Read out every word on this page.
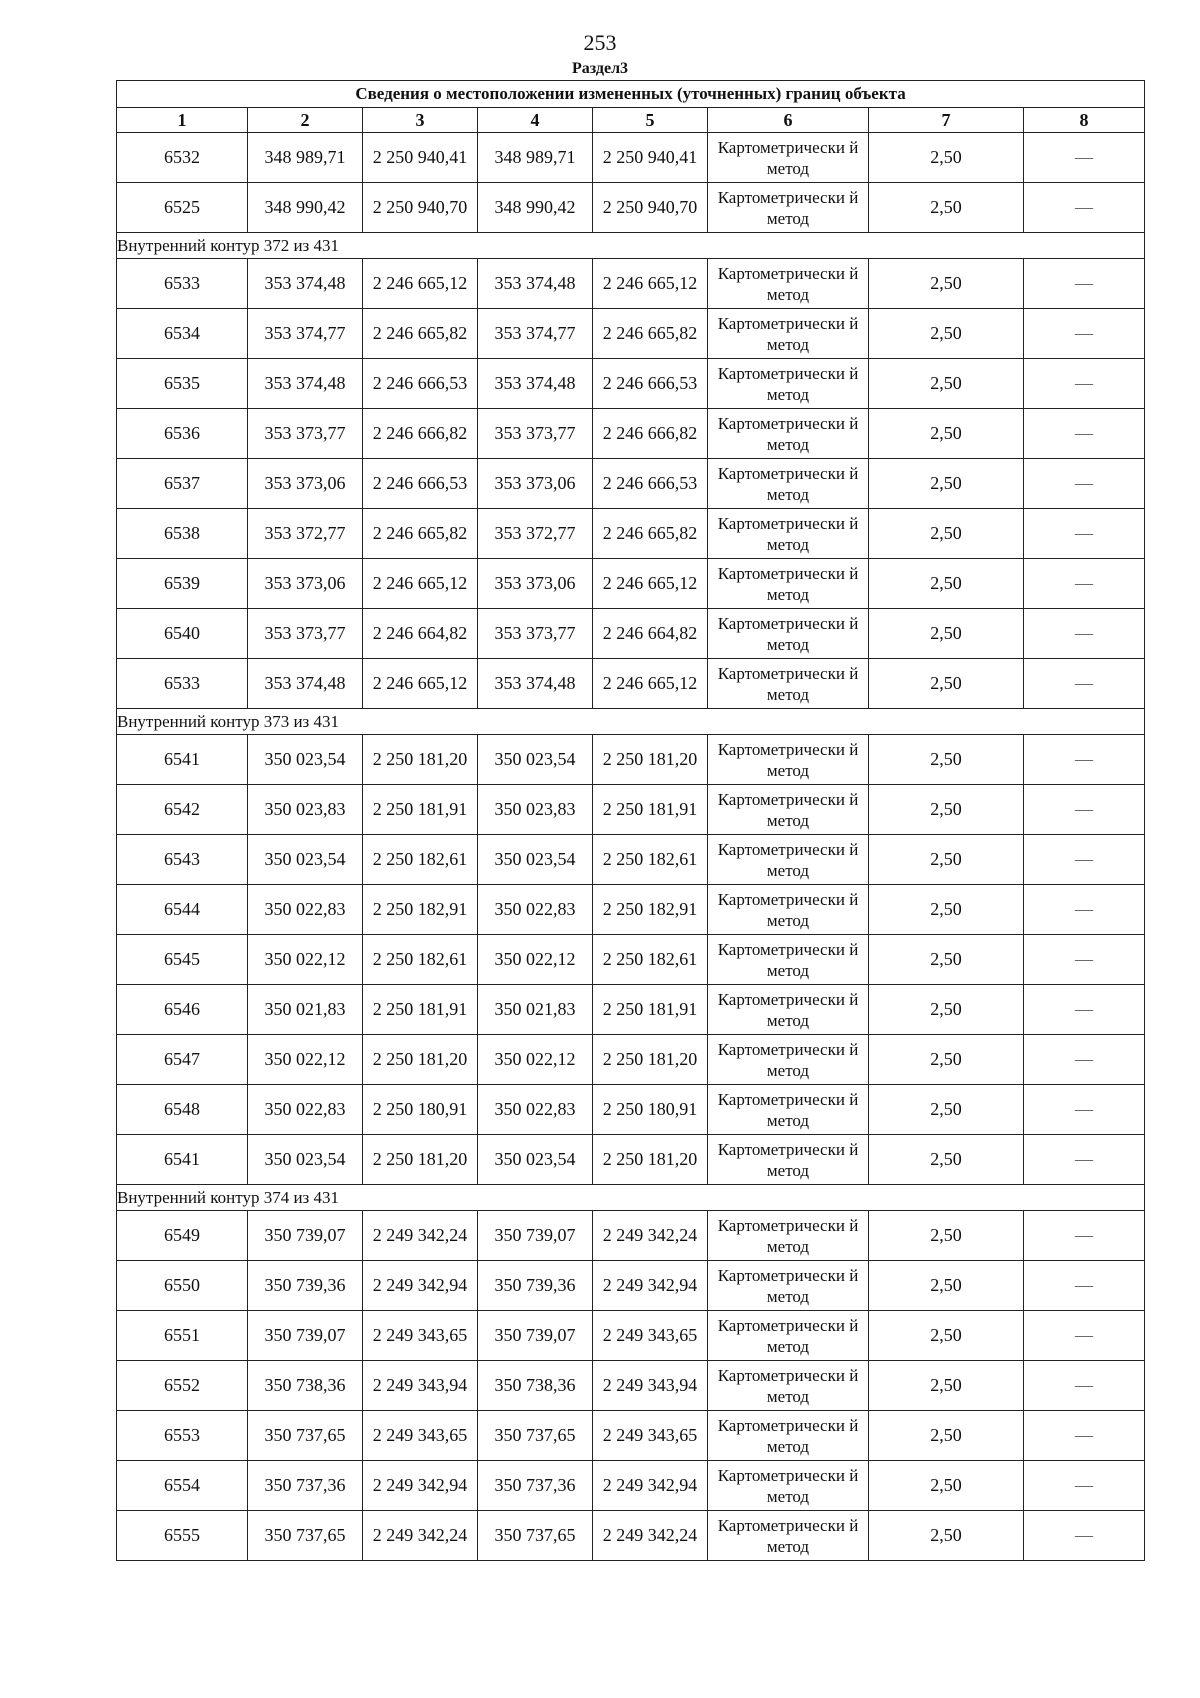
253
Раздел3
Сведения о местоположении измененных (уточненных) границ объекта							
1	2	3	4	5	6	7	8
6532	348 989,71	2 250 940,41	348 989,71	2 250 940,41	Картометрически й метод	2,50	—
6525	348 990,42	2 250 940,70	348 990,42	2 250 940,70	Картометрически й метод	2,50	—
Внутренний контур 372 из 431							
6533	353 374,48	2 246 665,12	353 374,48	2 246 665,12	Картометрически й метод	2,50	—
6534	353 374,77	2 246 665,82	353 374,77	2 246 665,82	Картометрически й метод	2,50	—
6535	353 374,48	2 246 666,53	353 374,48	2 246 666,53	Картометрически й метод	2,50	—
6536	353 373,77	2 246 666,82	353 373,77	2 246 666,82	Картометрически й метод	2,50	—
6537	353 373,06	2 246 666,53	353 373,06	2 246 666,53	Картометрически й метод	2,50	—
6538	353 372,77	2 246 665,82	353 372,77	2 246 665,82	Картометрически й метод	2,50	—
6539	353 373,06	2 246 665,12	353 373,06	2 246 665,12	Картометрически й метод	2,50	—
6540	353 373,77	2 246 664,82	353 373,77	2 246 664,82	Картометрически й метод	2,50	—
6533	353 374,48	2 246 665,12	353 374,48	2 246 665,12	Картометрически й метод	2,50	—
Внутренний контур 373 из 431							
6541	350 023,54	2 250 181,20	350 023,54	2 250 181,20	Картометрически й метод	2,50	—
6542	350 023,83	2 250 181,91	350 023,83	2 250 181,91	Картометрически й метод	2,50	—
6543	350 023,54	2 250 182,61	350 023,54	2 250 182,61	Картометрически й метод	2,50	—
6544	350 022,83	2 250 182,91	350 022,83	2 250 182,91	Картометрически й метод	2,50	—
6545	350 022,12	2 250 182,61	350 022,12	2 250 182,61	Картометрически й метод	2,50	—
6546	350 021,83	2 250 181,91	350 021,83	2 250 181,91	Картометрически й метод	2,50	—
6547	350 022,12	2 250 181,20	350 022,12	2 250 181,20	Картометрически й метод	2,50	—
6548	350 022,83	2 250 180,91	350 022,83	2 250 180,91	Картометрически й метод	2,50	—
6541	350 023,54	2 250 181,20	350 023,54	2 250 181,20	Картометрически й метод	2,50	—
Внутренний контур 374 из 431							
6549	350 739,07	2 249 342,24	350 739,07	2 249 342,24	Картометрически й метод	2,50	—
6550	350 739,36	2 249 342,94	350 739,36	2 249 342,94	Картометрически й метод	2,50	—
6551	350 739,07	2 249 343,65	350 739,07	2 249 343,65	Картометрически й метод	2,50	—
6552	350 738,36	2 249 343,94	350 738,36	2 249 343,94	Картометрически й метод	2,50	—
6553	350 737,65	2 249 343,65	350 737,65	2 249 343,65	Картометрически й метод	2,50	—
6554	350 737,36	2 249 342,94	350 737,36	2 249 342,94	Картометрически й метод	2,50	—
6555	350 737,65	2 249 342,24	350 737,65	2 249 342,24	Картометрически й метод	2,50	—
